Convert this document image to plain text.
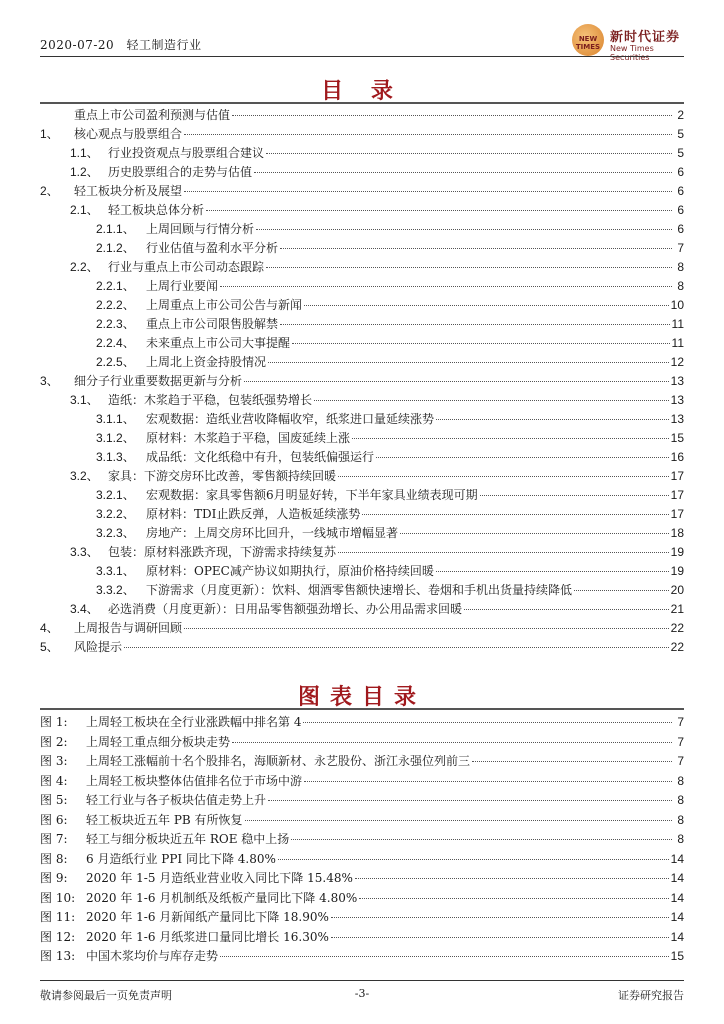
2020-07-20 轻工制造行业	NEW TIMES
新时代证券
New Times Securities
目 录
重点上市公司盈利预测与估值	2
1、	核心观点与股票组合	5
1.1、 行业投资观点与股票组合建议	5
1.2、 历史股票组合的走势与估值	6
2、	轻工板块分析及展望	6
2.1、 轻工板块总体分析	6
2.1.1、 上周回顾与行情分析	6
2.1.2、 行业估值与盈利水平分析	7
2.2、 行业与重点上市公司动态跟踪	8
2.2.1、 上周行业要闻	8
2.2.2、 上周重点上市公司公告与新闻	10
2.2.3、 重点上市公司限售股解禁	11
2.2.4、 未来重点上市公司大事提醒	11
2.2.5、 上周北上资金持股情况	12
3、	细分子行业重要数据更新与分析	13
3.1、 造纸：木浆趋于平稳，包装纸强势增长	13
3.1.1、 宏观数据：造纸业营收降幅收窄，纸浆进口量延续涨势	13
3.1.2、 原材料：木浆趋于平稳，国废延续上涨	15
3.1.3、 成品纸：文化纸稳中有升，包装纸偏强运行	16
3.2、 家具：下游交房环比改善，零售额持续回暖	17
3.2.1、 宏观数据：家具零售额6月明显好转，下半年家具业绩表现可期	17
3.2.2、 原材料：TDI止跌反弹，人造板延续涨势	17
3.2.3、 房地产：上周交房环比回升，一线城市增幅显著	18
3.3、 包装：原材料涨跌齐现，下游需求持续复苏	19
3.3.1、 原材料：OPEC减产协议如期执行，原油价格持续回暖	19
3.3.2、 下游需求（月度更新）：饮料、烟酒零售额快速增长、卷烟和手机出货量持续降低	20
3.4、 必选消费（月度更新）：日用品零售额强劲增长、办公用品需求回暖	21
4、	上周报告与调研回顾	22
5、	风险提示	22
图表目录
图 1:	上周轻工板块在全行业涨跌幅中排名第 4	7
图 2:	上周轻工重点细分板块走势	7
图 3:	上周轻工涨幅前十名个股排名，海顺新材、永艺股份、浙江永强位列前三	7
图 4:	上周轻工板块整体估值排名位于市场中游	8
图 5:	轻工行业与各子板块估值走势上升	8
图 6:	轻工板块近五年 PB 有所恢复	8
图 7:	轻工与细分板块近五年 ROE 稳中上扬	8
图 8:	6 月造纸行业 PPI 同比下降 4.80%	14
图 9:	2020 年 1-5 月造纸业营业收入同比下降 15.48%	14
图 10: 2020 年 1-6 月机制纸及纸板产量同比下降 4.80%	14
图 11: 2020 年 1-6 月新闻纸产量同比下降 18.90%	14
图 12: 2020 年 1-6 月纸浆进口量同比增长 16.30%	14
图 13: 中国木浆均价与库存走势	15
敬请参阅最后一页免责声明	-3-	证券研究报告
